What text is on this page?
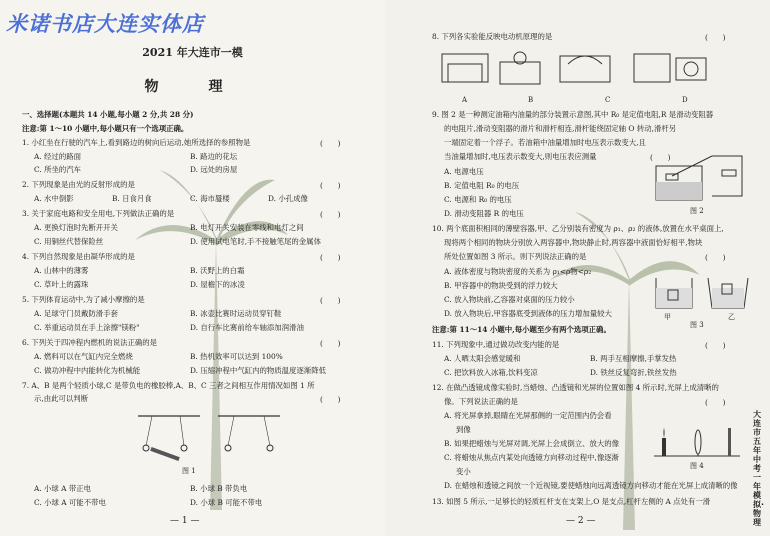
米诺书店大连实体店
2021 年大连市一模
物　理
一、选择题(本题共 14 小题,每小题 2 分,共 28 分)
注意:第 1～10 小题中,每小题只有一个选项正确。
1. 小红坐在行驶的汽车上,看到路边的树向后运动,她所选择的参照物是	(　　)
A. 经过的路面	B. 路边的花坛
C. 所坐的汽车	D. 远处的房屋
2. 下列现象是由光的反射形成的是	(　　)
A. 水中倒影	B. 日食月食	C. 海市蜃楼	D. 小孔成像
3. 关于家庭电路和安全用电,下列做法正确的是	(　　)
A. 更换灯泡时先断开开关	B. 电灯开关安装在零线和电灯之间
C. 用铜丝代替保险丝	D. 使用试电笔时,手不接触笔尾的金属体
4. 下列自然现象是由凝华形成的是	(　　)
A. 山林中的薄雾	B. 沃野上的白霜
C. 草叶上的露珠	D. 屋檐下的冰凌
5. 下列体育运动中,为了减小摩擦的是	(　　)
A. 足球守门员戴防滑手套	B. 冰壶比赛时运动员穿钉鞋
C. 举重运动员在手上涂擦"镁粉"	D. 自行车比赛前给车轴添加润滑油
6. 下列关于四冲程内燃机的说法正确的是	(　　)
A. 燃料可以在气缸内完全燃烧	B. 热机效率可以达到 100%
C. 做功冲程中内能转化为机械能	D. 压缩冲程中气缸内的物质温度逐渐降低
7. A、B 是两个轻质小球,C 是带负电的橡胶棒,A、B、C 三者之间相互作用情况如图 1 所
示,由此可以判断	(　　)
图 1
A. 小球 A 带正电	B. 小球 B 带负电
C. 小球 A 可能不带电	D. 小球 B 可能不带电
— 1 —
8. 下列各实验能反映电动机原理的是	(　　)
A	B	C	D
9. 图 2 是一种测定油箱内油量的部分装置示意图,其中 R₀ 是定值电阻,R 是滑动变阻器
的电阻片,滑动变阻器的滑片和滑杆相连,滑杆能绕固定轴 O 转动,滑杆另
一端固定着一个浮子。若油箱中油量增加时电压表示数变大,且
当油量增加时,电压表示数变大,则电压表应测量	(　　)
A. 电源电压
B. 定值电阻 R₀ 的电压
C. 电源和 R₀ 的电压
D. 滑动变阻器 R 的电压	图 2
10. 两个底面积相同的薄壁容器,甲、乙分别装有密度为 ρ₁、ρ₂ 的液体,放置在水平桌面上,
现将两个相同的物块分别放入两容器中,物块静止时,两容器中液面恰好相平,物块
所处位置如图 3 所示。则下列说法正确的是	(　　)
A. 液体密度与物块密度的关系为 ρ₁<ρ物<ρ₂
B. 甲容器中的物块受到的浮力较大
C. 放入物块前,乙容器对桌面的压力较小
D. 放入物块后,甲容器底受到液体的压力增加量较大	甲	乙
图 3
注意:第 11～14 小题中,每小题至少有两个选项正确。
11. 下列现象中,通过做功改变内能的是	(　　)
A. 人晒太阳会感觉暖和	B. 两手互相摩擦,手掌发热
C. 把饮料放入冰箱,饮料变凉	D. 铁丝反复弯折,铁丝发热
12. 在做凸透镜成像实验时,当蜡烛、凸透镜和光屏的位置如图 4 所示时,光屏上成清晰的
像。下列说法正确的是	(　　)
A. 将光屏拿掉,眼睛在光屏那侧的一定范围内仍会看
到像
B. 如果把蜡烛与光屏对调,光屏上会成倒立、放大的像
C. 将蜡烛从焦点内某处向透镜方向移动过程中,像逐渐
变小
D. 在蜡烛和透镜之间放一个近视镜,要使蜡烛向远离透镜方向移动才能在光屏上成清晰的像
图 4
13. 如图 5 所示,一足够长的轻质杠杆支在支架上,O 是支点,杠杆左侧的 A 点处有一滑
— 2 —
大连市五年中考一年模拟·物理
